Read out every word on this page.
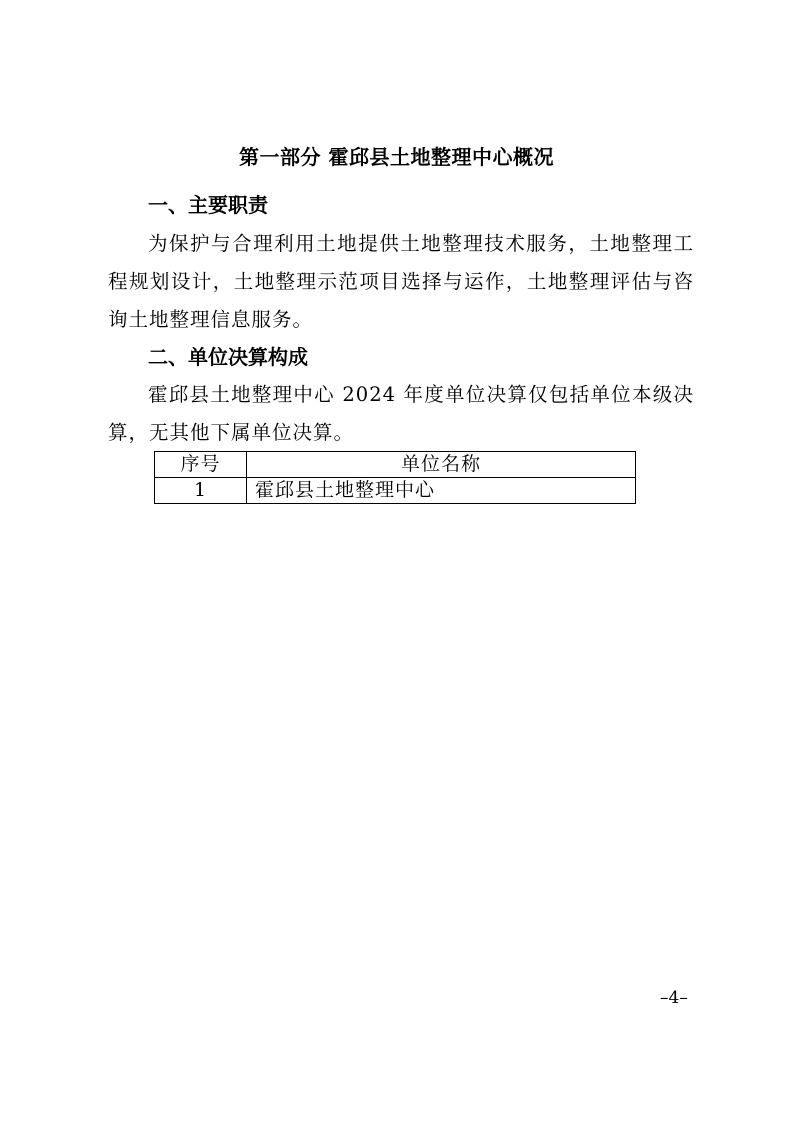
第一部分 霍邱县土地整理中心概况
一、主要职责

为保护与合理利用土地提供土地整理技术服务，土地整理工程规划设计，土地整理示范项目选择与运作，土地整理评估与咨询土地整理信息服务。

二、单位决算构成

霍邱县土地整理中心 2024 年度单位决算仅包括单位本级决算，无其他下属单位决算。

序号	单位名称
1	霍邱县土地整理中心
–4–
